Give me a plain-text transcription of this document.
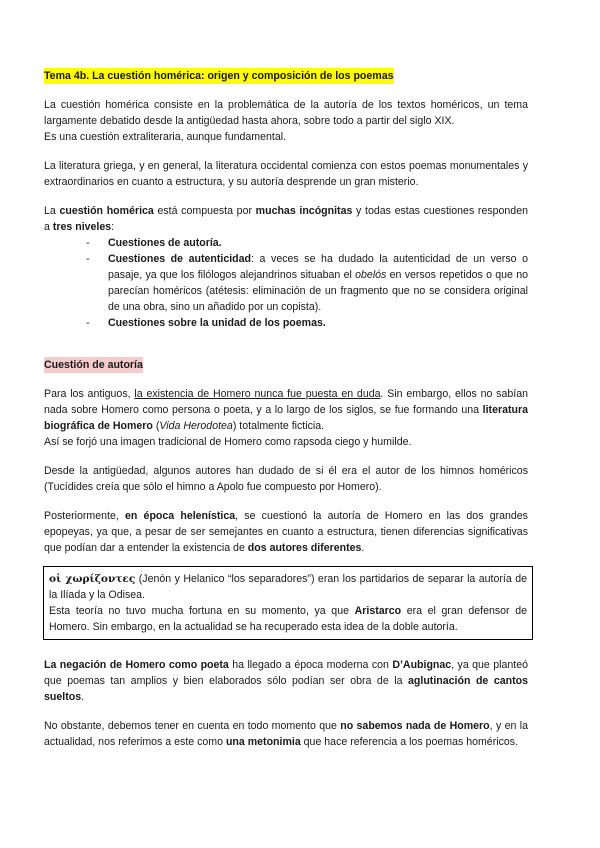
Tema 4b. La cuestión homérica: origen y composición de los poemas

La cuestión homérica consiste en la problemática de la autoría de los textos homéricos, un tema largamente debatido desde la antigüedad hasta ahora, sobre todo a partir del siglo XIX.
Es una cuestión extraliteraria, aunque fundamental.

La literatura griega, y en general, la literatura occidental comienza con estos poemas monumentales y extraordinarios en cuanto a estructura, y su autoría desprende un gran misterio.

La cuestión homérica está compuesta por muchas incógnitas y todas estas cuestiones responden a tres niveles:

- Cuestiones de autoría.
- Cuestiones de autenticidad: a veces se ha dudado la autenticidad de un verso o pasaje, ya que los filólogos alejandrinos situaban el obelós en versos repetidos o que no parecían homéricos (atétesis: eliminación de un fragmento que no se considera original de una obra, sino un añadido por un copista).
- Cuestiones sobre la unidad de los poemas.

Cuestión de autoría

Para los antiguos, la existencia de Homero nunca fue puesta en duda. Sin embargo, ellos no sabían nada sobre Homero como persona o poeta, y a lo largo de los siglos, se fue formando una literatura biográfica de Homero (Vida Herodotea) totalmente ficticia.
Así se forjó una imagen tradicional de Homero como rapsoda ciego y humilde.

Desde la antigüedad, algunos autores han dudado de si él era el autor de los himnos homéricos (Tucídides creía que sólo el himno a Apolo fue compuesto por Homero).

Posteriormente, en época helenística, se cuestionó la autoría de Homero en las dos grandes epopeyas, ya que, a pesar de ser semejantes en cuanto a estructura, tienen diferencias significativas que podían dar a entender la existencia de dos autores diferentes.

οἱ χωρίζοντες (Jenón y Helanico “los separadores”) eran los partidarios de separar la autoría de la Ilíada y la Odisea.
Esta teoría no tuvo mucha fortuna en su momento, ya que Aristarco era el gran defensor de Homero. Sin embargo, en la actualidad se ha recuperado esta idea de la doble autoría.

La negación de Homero como poeta ha llegado a época moderna con D’Aubignac, ya que planteó que poemas tan amplios y bien elaborados sólo podían ser obra de la aglutinación de cantos sueltos.

No obstante, debemos tener en cuenta en todo momento que no sabemos nada de Homero, y en la actualidad, nos referimos a este como una metonimia que hace referencia a los poemas homéricos.
